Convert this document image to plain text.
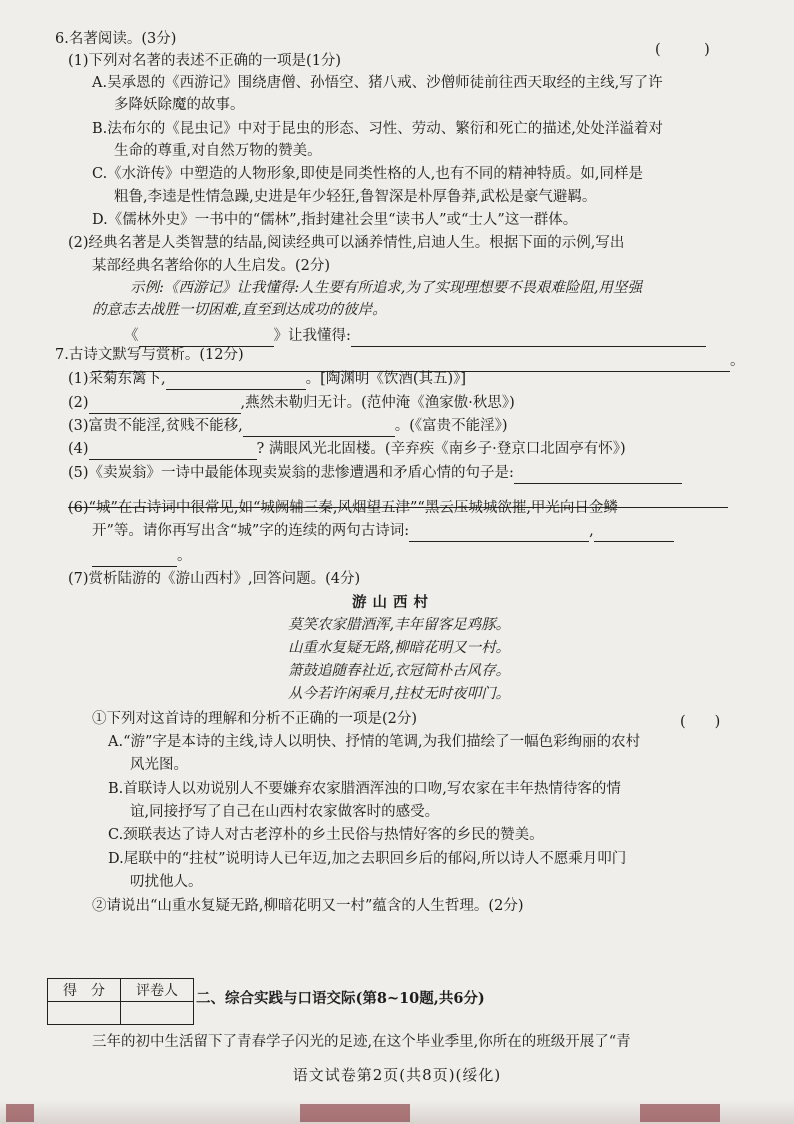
6.名著阅读。(3分)
(1)下列对名著的表述不正确的一项是(1分)
(　　　)
A.吴承恩的《西游记》围绕唐僧、孙悟空、猪八戒、沙僧师徒前往西天取经的主线,写了许
多降妖除魔的故事。
B.法布尔的《昆虫记》中对于昆虫的形态、习性、劳动、繁衍和死亡的描述,处处洋溢着对
生命的尊重,对自然万物的赞美。
C.《水浒传》中塑造的人物形象,即使是同类性格的人,也有不同的精神特质。如,同样是
粗鲁,李逵是性情急躁,史进是年少轻狂,鲁智深是朴厚鲁莽,武松是豪气避羁。
D.《儒林外史》一书中的“儒林”,指封建社会里“读书人”或“士人”这一群体。
(2)经典名著是人类智慧的结晶,阅读经典可以涵养情性,启迪人生。根据下面的示例,写出
某部经典名著给你的人生启发。(2分)
示例:《西游记》让我懂得:人生要有所追求,为了实现理想要不畏艰难险阻,用坚强
的意志去战胜一切困难,直至到达成功的彼岸。
《	》让我懂得:
。
7.古诗文默写与赏析。(12分)
(1)采菊东篱下,	。[陶渊明《饮酒(其五)》]
(2)	,燕然未勒归无计。(范仲淹《渔家傲·秋思》)
(3)富贵不能淫,贫贱不能移,	。(《富贵不能淫》)
(4)	? 满眼风光北固楼。(辛弃疾《南乡子·登京口北固亭有怀》)
(5)《卖炭翁》一诗中最能体现卖炭翁的悲惨遭遇和矛盾心情的句子是:
(6)“城”在古诗词中很常见,如“城阙辅三秦,风烟望五津”“黑云压城城欲摧,甲光向日金鳞
开”等。请你再写出含“城”字的连续的两句古诗词:	,
。
(7)赏析陆游的《游山西村》,回答问题。(4分)
游山西村
莫笑农家腊酒浑,丰年留客足鸡豚。
山重水复疑无路,柳暗花明又一村。
箫鼓追随春社近,衣冠简朴古风存。
从今若许闲乘月,拄杖无时夜叩门。
①下列对这首诗的理解和分析不正确的一项是(2分)	(　　)
A.“游”字是本诗的主线,诗人以明快、抒情的笔调,为我们描绘了一幅色彩绚丽的农村
风光图。
B.首联诗人以劝说别人不要嫌弃农家腊酒浑浊的口吻,写农家在丰年热情待客的情
谊,同接抒写了自己在山西村农家做客时的感受。
C.颈联表达了诗人对古老淳朴的乡土民俗与热情好客的乡民的赞美。
D.尾联中的“拄杖”说明诗人已年迈,加之去职回乡后的郁闷,所以诗人不愿乘月叩门
叨扰他人。
②请说出“山重水复疑无路,柳暗花明又一村”蕴含的人生哲理。(2分)
得　分	评卷人
	二、综合实践与口语交际(第8~10题,共6分)
三年的初中生活留下了青春学子闪光的足迹,在这个毕业季里,你所在的班级开展了“青
语文试卷第2页(共8页)(绥化)
